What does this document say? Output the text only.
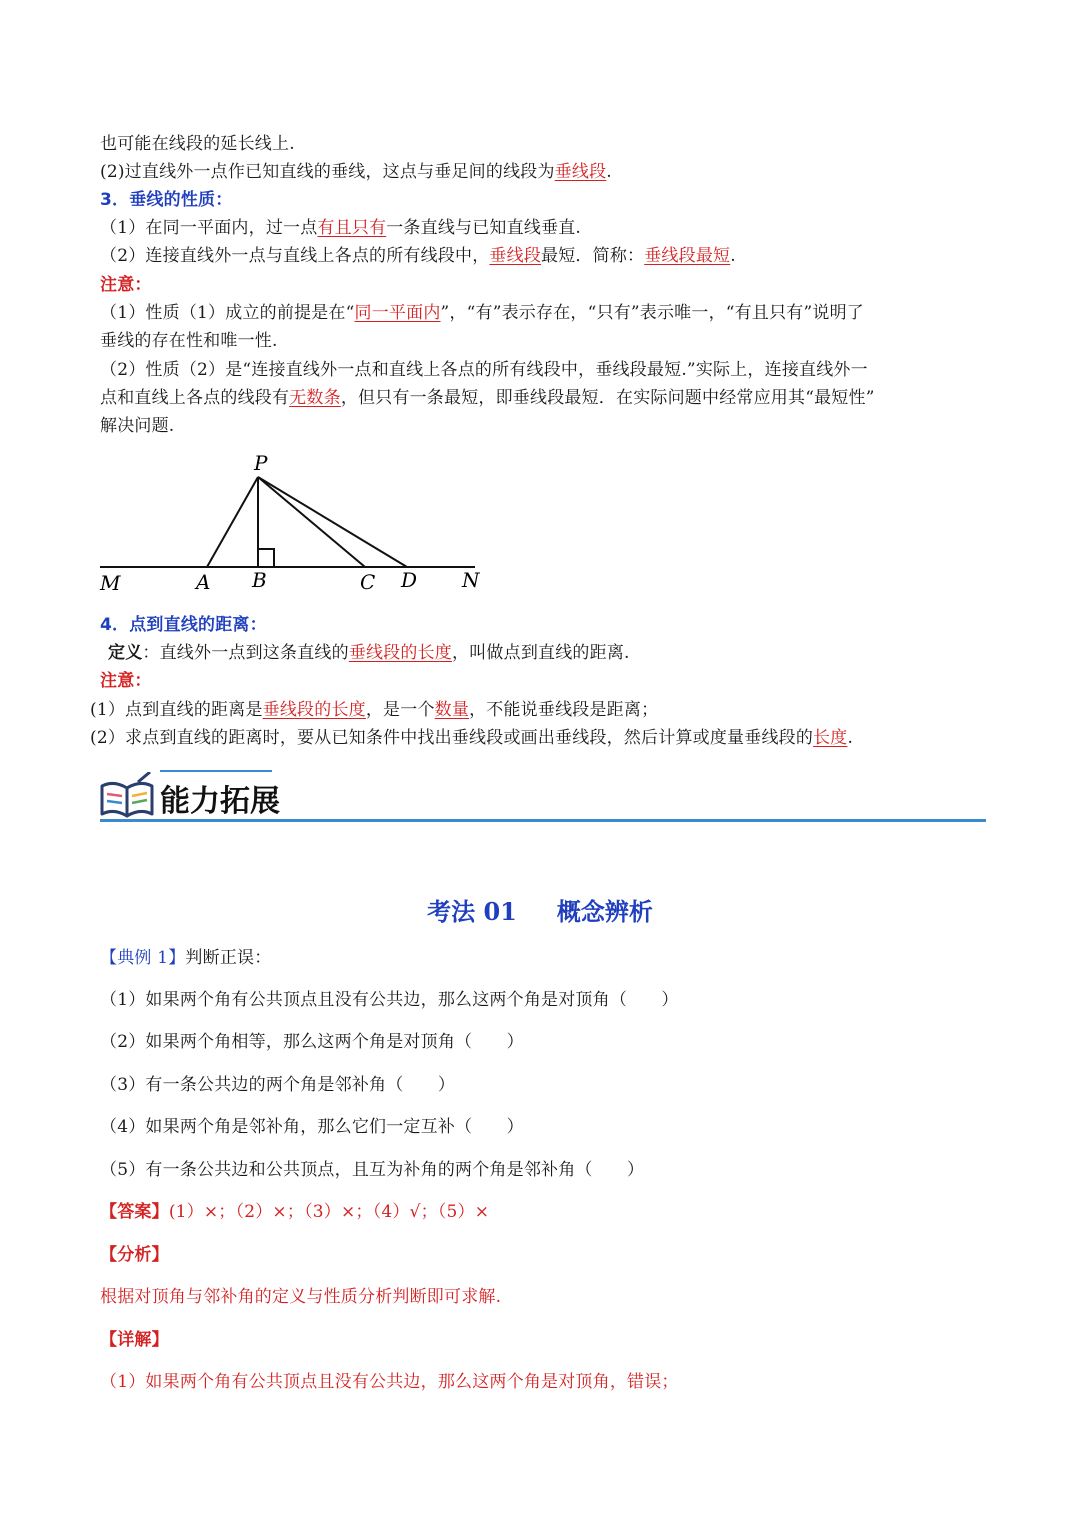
也可能在线段的延长线上.
(2)过直线外一点作已知直线的垂线，这点与垂足间的线段为垂线段.
3．垂线的性质：
（1）在同一平面内，过一点有且只有一条直线与已知直线垂直.
（2）连接直线外一点与直线上各点的所有线段中，垂线段最短．简称：垂线段最短.
注意：
（1）性质（1）成立的前提是在“同一平面内”，“有”表示存在，“只有”表示唯一，“有且只有”说明了
垂线的存在性和唯一性.
（2）性质（2）是“连接直线外一点和直线上各点的所有线段中，垂线段最短.”实际上，连接直线外一
点和直线上各点的线段有无数条，但只有一条最短，即垂线段最短．在实际问题中经常应用其“最短性”
解决问题.
P
M	A B	C D N
4．点到直线的距离：
定义：直线外一点到这条直线的垂线段的长度，叫做点到直线的距离.
注意：
(1）点到直线的距离是垂线段的长度，是一个数量，不能说垂线段是距离；
(2）求点到直线的距离时，要从已知条件中找出垂线段或画出垂线段，然后计算或度量垂线段的长度.
能力拓展
考法 01 概念辨析
【典例 1】判断正误：
（1）如果两个角有公共顶点且没有公共边，那么这两个角是对顶角（　　）
（2）如果两个角相等，那么这两个角是对顶角（　　）
（3）有一条公共边的两个角是邻补角（　　）
（4）如果两个角是邻补角，那么它们一定互补（　　）
（5）有一条公共边和公共顶点，且互为补角的两个角是邻补角（　　）
【答案】(1）×；（2）×；（3）×；（4）√；（5）×
【分析】
根据对顶角与邻补角的定义与性质分析判断即可求解.
【详解】
（1）如果两个角有公共顶点且没有公共边，那么这两个角是对顶角，错误；
